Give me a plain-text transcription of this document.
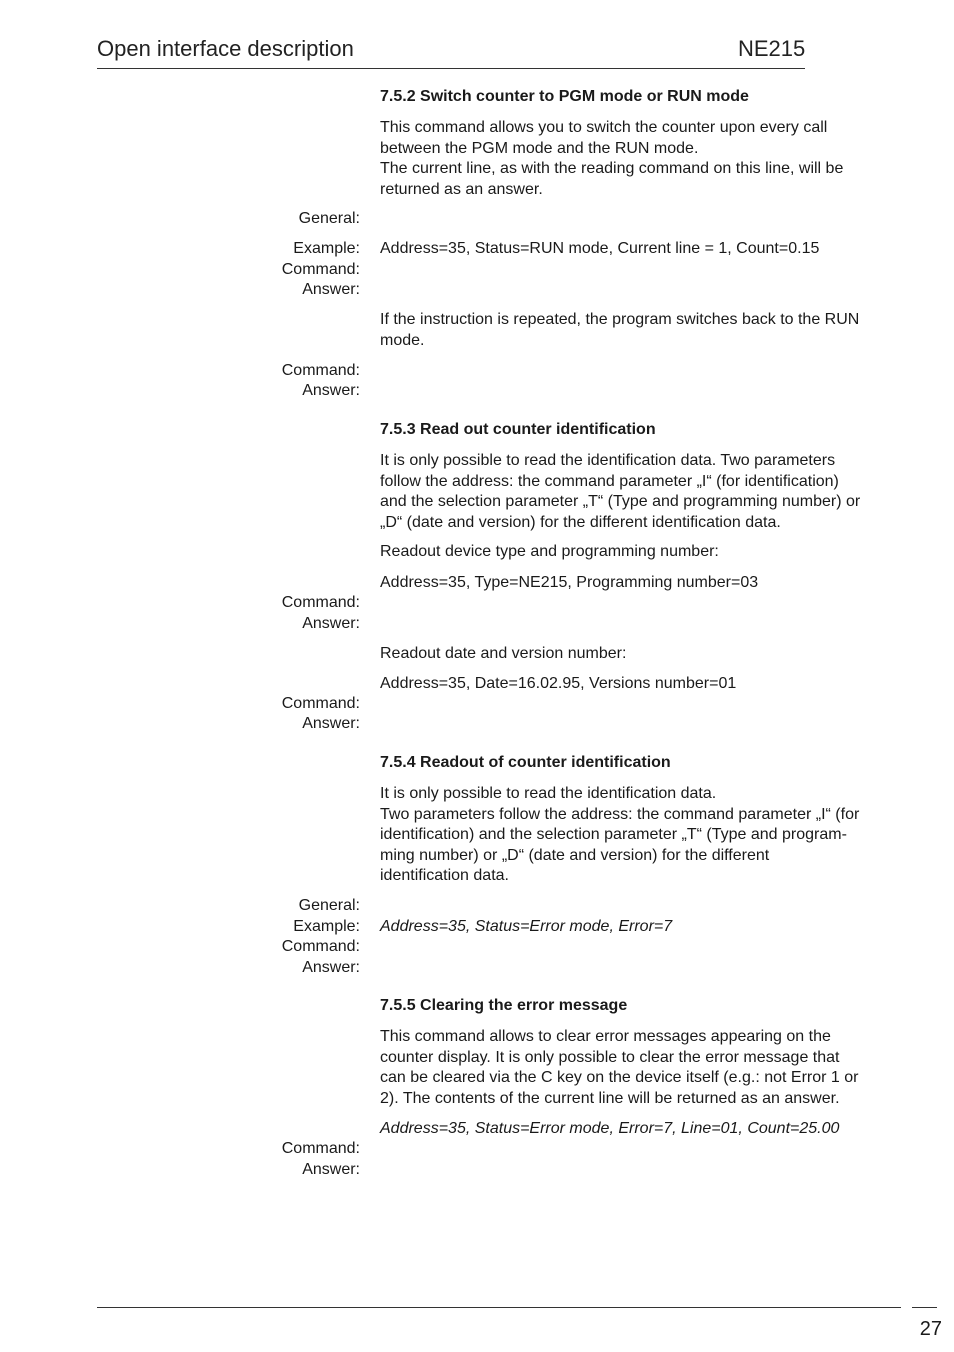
Open interface description	NE215
7.5.2 Switch counter to PGM mode or RUN mode
This command allows you to switch the counter upon every call
between the PGM mode and the RUN mode.
The current line, as with the reading command on this line, will be
returned as an answer.
General:
Example:
Command:
Answer:
Address=35, Status=RUN mode, Current line = 1, Count=0.15
If the instruction is repeated, the program switches back to the RUN
mode.
Command:
Answer:
7.5.3 Read out counter identification
It is only possible to read the identification data. Two parameters
follow the address: the command parameter „I“ (for identification)
and the selection parameter „T“ (Type and programming number) or
„D“ (date and version) for the different identification data.
Readout device type and programming number:
Address=35, Type=NE215, Programming number=03
Command:
Answer:
Readout date and version number:
Address=35, Date=16.02.95, Versions number=01
Command:
Answer:
7.5.4 Readout of counter identification
It is only possible to read the identification data.
Two parameters follow the address: the command parameter „I“ (for
identification) and the selection parameter „T“ (Type and program-
ming number) or „D“ (date and version) for the different
identification data.
General:
Example:
Command:
Answer:
Address=35, Status=Error mode, Error=7
7.5.5 Clearing the error message
This command allows to clear error messages appearing on the
counter display. It is only possible to clear the error message that
can be cleared via the C key on the device itself (e.g.: not Error 1 or
2). The contents of the current line will be returned as an answer.
Address=35, Status=Error mode, Error=7, Line=01, Count=25.00
Command:
Answer:
27
